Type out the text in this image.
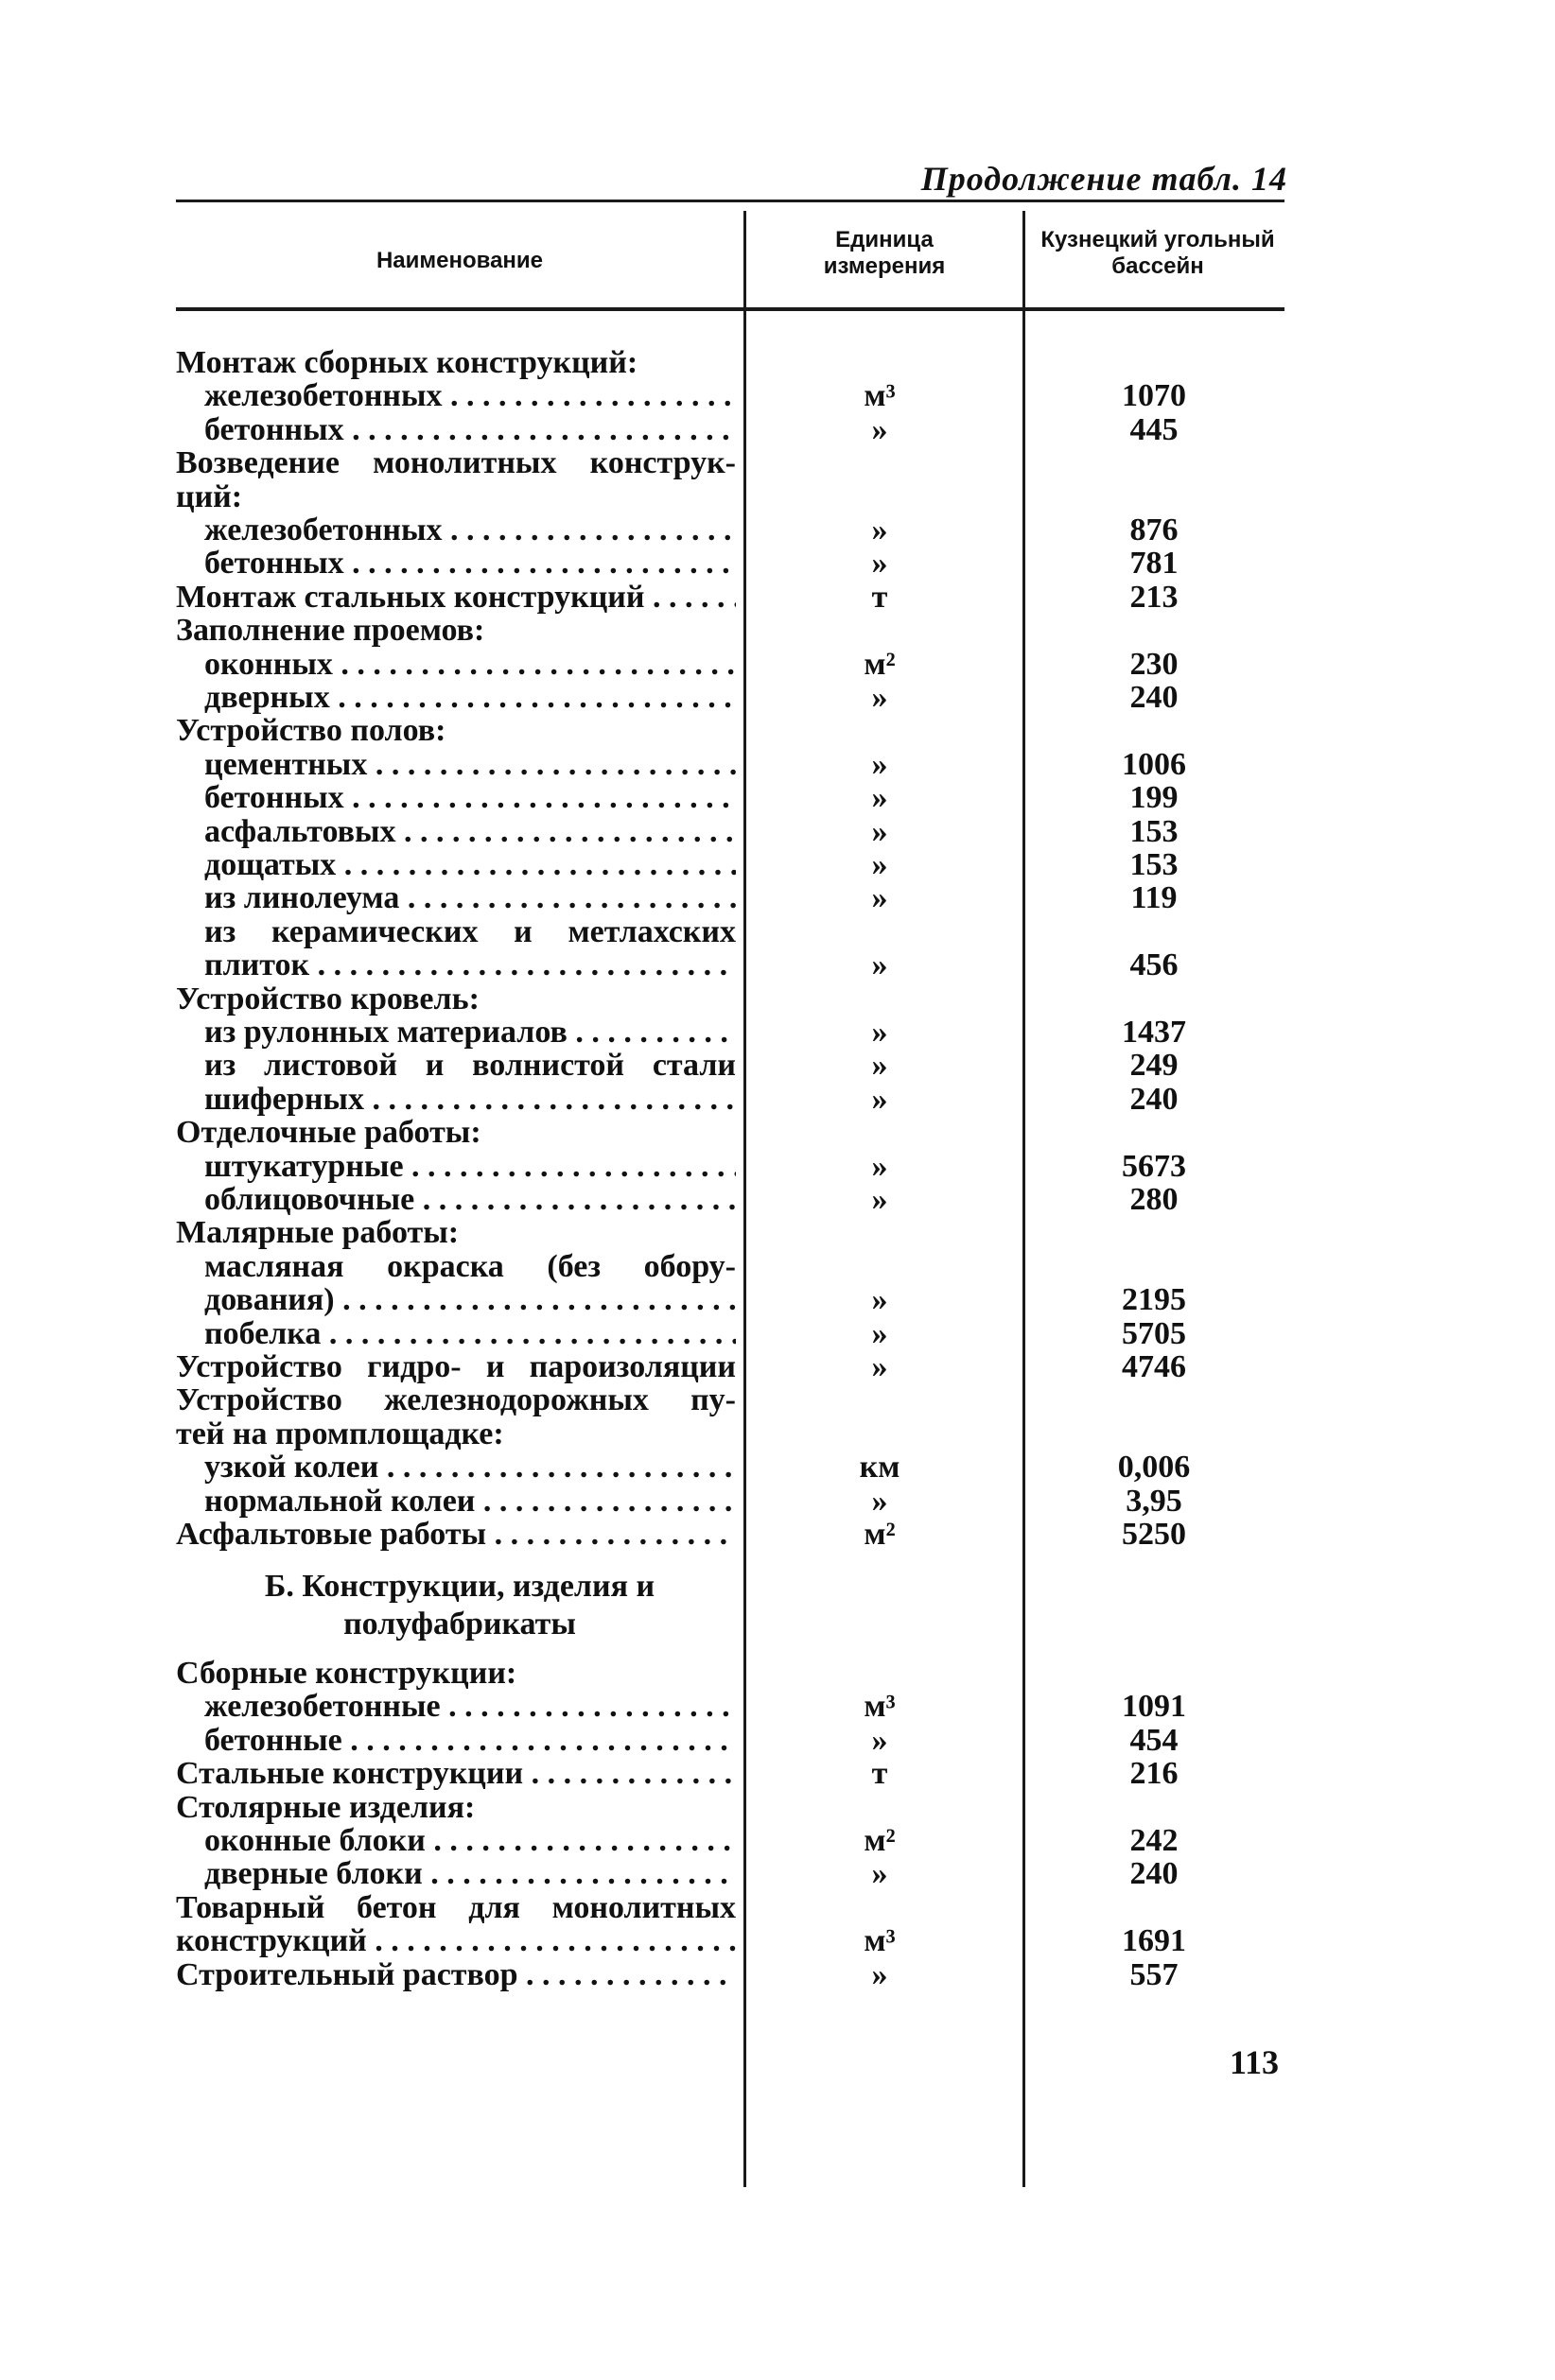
Продолжение табл. 14
Наименование
Единица измерения
Кузнецкий угольный бассейн
Монтаж сборных конструкций:
железобетонных . . .	м³	1070
бетонных . . .	»	445
Возведение монолитных конструк-
ций:
железобетонных . . .	»	876
бетонных . . .	»	781
Монтаж стальных конструкций . . .	т	213
Заполнение проемов:
оконных . . .	м²	230
дверных . . .	»	240
Устройство полов:
цементных . . .	»	1006
бетонных . . .	»	199
асфальтовых . . .	»	153
дощатых . . .	»	153
из линолеума . . .	»	119
из керамических и метлахских
плиток . . .	»	456
Устройство кровель:
из рулонных материалов . . .	»	1437
из листовой и волнистой стали	»	249
шиферных . . .	»	240
Отделочные работы:
штукатурные . . .	»	5673
облицовочные . . .	»	280
Малярные работы:
масляная окраска (без обору-
дования) . . .	»	2195
побелка . . .	»	5705
Устройство гидро- и пароизоляции	»	4746
Устройство железнодорожных пу-
тей на промплощадке:
узкой колеи . . .	км	0,006
нормальной колеи . . .	»	3,95
Асфальтовые работы . . .	м²	5250
Сборные конструкции:
железобетонные . . .	м³	1091
бетонные . . .	»	454
Стальные конструкции . . .	т	216
Столярные изделия:
оконные блоки . . .	м²	242
дверные блоки . . .	»	240
Товарный бетон для монолитных
конструкций . . .	м³	1691
Строительный раствор . . .	»	557
Б. Конструкции, изделия и полуфабрикаты
113
